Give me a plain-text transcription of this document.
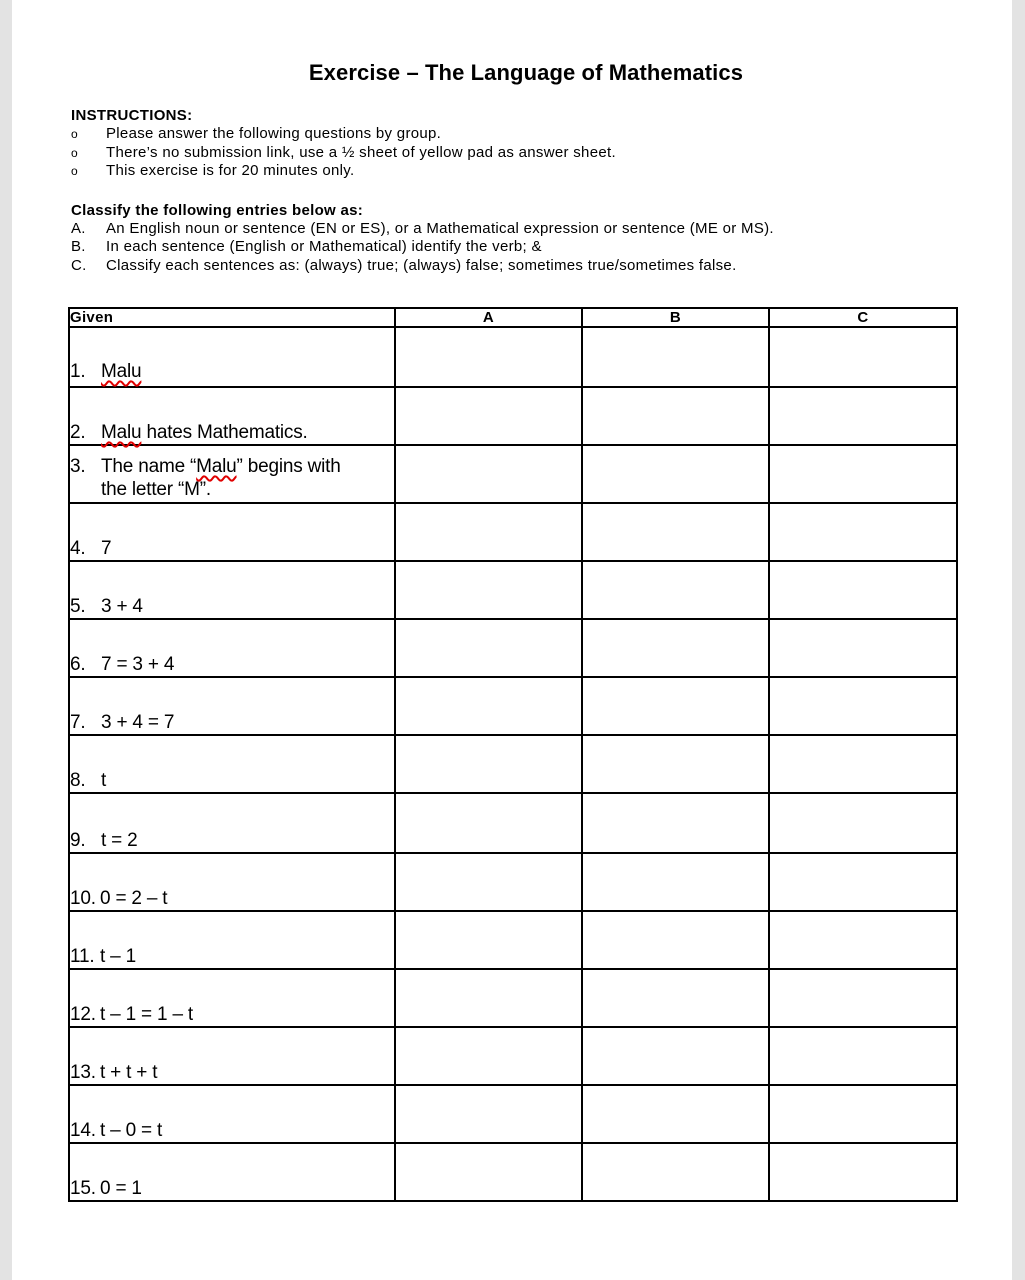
Exercise – The Language of Mathematics
INSTRUCTIONS:
o Please answer the following questions by group.
o There’s no submission link, use a ½ sheet of yellow pad as answer sheet.
o This exercise is for 20 minutes only.
Classify the following entries below as:
A. An English noun or sentence (EN or ES), or a Mathematical expression or sentence (ME or MS).
B. In each sentence (English or Mathematical) identify the verb; &
C. Classify each sentences as: (always) true; (always) false; sometimes true/sometimes false.
Given	A	B	C
1. Malu			
2. Malu hates Mathematics.			
3. The name “Malu” begins with
the letter “M”.			

4. 7			
5. 3 + 4			
6. 7 = 3 + 4			
7. 3 + 4 = 7			
8. t			
9. t = 2			
10. 0 = 2 – t			
11. t – 1			
12. t – 1 = 1 – t			
13. t + t + t			
14. t – 0 = t			
15. 0 = 1			
